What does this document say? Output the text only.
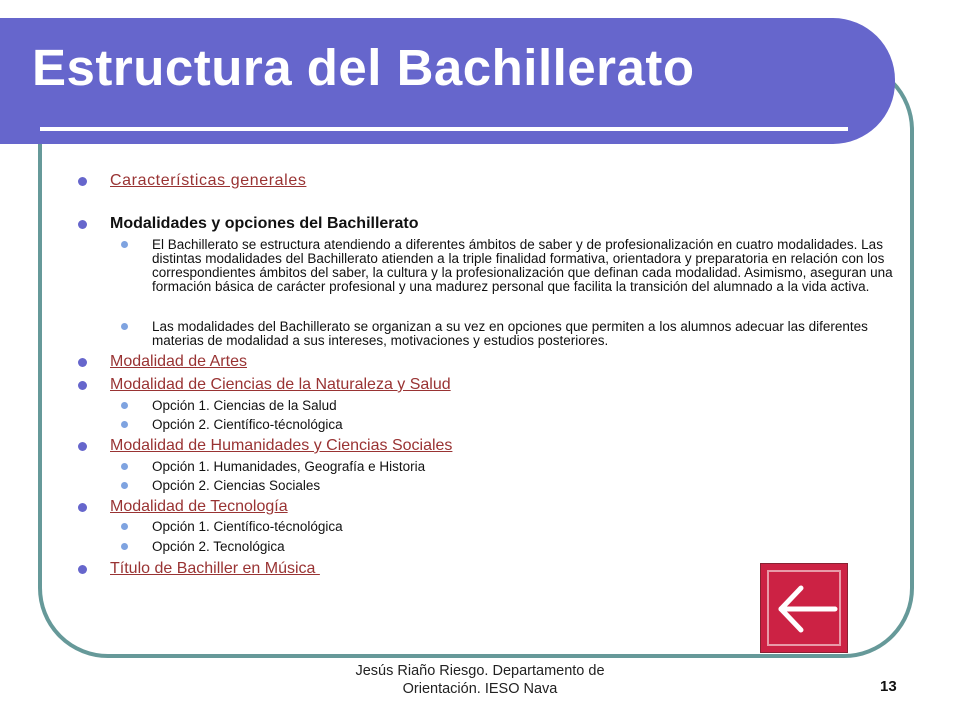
Estructura del Bachillerato
Características generales
Modalidades y opciones del Bachillerato
El Bachillerato se estructura atendiendo a diferentes ámbitos de saber y de profesionalización en cuatro modalidades. Las distintas modalidades del Bachillerato atienden a la triple finalidad formativa, orientadora y preparatoria en relación con los correspondientes ámbitos del saber, la cultura y la profesionalización que definan cada modalidad. Asimismo, aseguran una formación básica de carácter profesional y una madurez personal que facilita la transición del alumnado a la vida activa.
Las modalidades del Bachillerato se organizan a su vez en opciones que permiten a los alumnos adecuar las diferentes materias de modalidad a sus intereses, motivaciones y estudios posteriores.
Modalidad de Artes
Modalidad de Ciencias de la Naturaleza y Salud
Opción 1. Ciencias de la Salud
Opción 2. Científico-técnológica
Modalidad de Humanidades y Ciencias Sociales
Opción 1. Humanidades, Geografía e Historia
Opción 2. Ciencias Sociales
Modalidad de Tecnología
Opción 1. Científico-técnológica
Opción 2. Tecnológica
Título de Bachiller en Música
Jesús Riaño Riesgo. Departamento de
Orientación. IESO Nava	13
